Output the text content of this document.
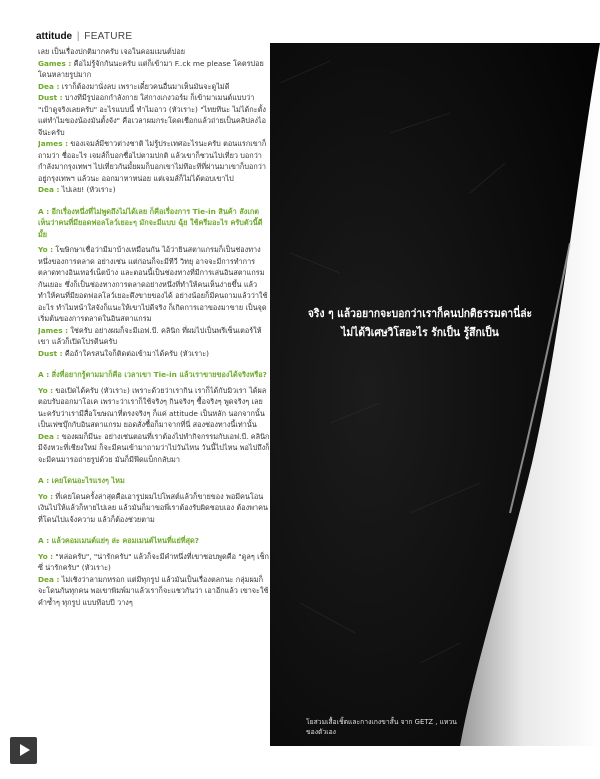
attitude | FEATURE

เลย เป็นเรื่องปกติมากครับ เจอในคอมเมนต์บ่อย

Games : คือไม่รู้จักกันนะครับ แต่ก็เข้ามา F..ck me please โคตรบ่อย โดนหลายรูปมาก

Dea : เราก็ต้องมานั่งลบ เพราะเดี๋ยวคนอื่นมาเห็นมันจะดูไม่ดี

Dust : บางทีมีรูปออกกำลังกาย ใส่กางเกงวอร์ม ก็เข้ามาเมนต์แบบว่า "เป้าดูจริงเลยครับ" อะไรแบบนี้ ทำไมอาว (หัวเราะ) "ไทยทีนะ ไม่ได้กะตั้ง แต่ทำไมของน้องมันตั้งจัง" คือเวลาผมกระโดดเชือกแล้วถ่ายเป็นคลิปลงไอจีน่ะครับ

James : ของเจมส์มีชาวต่างชาติ ไม่รู้ประเทศอะไรนะครับ ตอนแรกเขาก็ถามว่า ชื่ออะไร เจมส์ก็บอกชื่อไปตามปกติ แล้วเขาก็ชวนไปเที่ยว บอกว่ากำลังมากรุงเทพฯ ไปเที่ยวกันมั้ยผมก็บอกเขาไม่ทีอะทีที่ผ่านมาเขาก็บอกว่าอยู่กรุงเทพฯ แล้วนะ ออกมาหาหน่อย แต่เจมส์ก็ไม่ได้ตอบเขาไป

Dea : ไปเลย! (หัวเราะ)

A : อีกเรื่องหนึ่งที่ไม่พูดถึงไม่ได้เลย ก็คือเรื่องการ Tie-in สินค้า สังเกตเห็นว่าคนที่มียอดฟอลโลว์เยอะๆ มักจะมีแบบ ฉุ้ย ใช้ครีมอะไร ครับตัวนี้ดีมั้ย

Yo : โฆษิกษาเชื่อว่ามีมาบ้างเหมือนกัน ไอ้ว่ายินสตาแกรมก็เป็นช่องทางหนึ่งของการตลาด อย่างเช่น แต่ก่อนก็จะมีทีวี วิทยุ อาจจะมีการทำการตลาดทางอินเทอร์เน็ตบ้าง และตอนนี้เป็นช่องทางที่มีการเล่นอินสตาแกรมกันเยอะ ซึ่งก็เป็นช่องทางการตลาดอย่างหนึ่งที่ทำให้คนเห็นง่ายขึ้น แล้วทำให้คนที่มียอดฟอลโลว์เยอะดึงขายของได้ อย่างน้อยก็มีคนถามแล้วว่าใช้อะไร ทำไมหน้าใสจังก็แนะให้เขาไปดีจริง ก็เกิดการเอาของมาขาย เป็นจุดเริ่มต้นของการตลาดในอินสตาแกรม

James : ใช่ครับ อย่างผมก็จะมีเอฟ.บี. คลินิก ที่ผมไปเป็นพรีเซ็นเตอร์ให้เขา แล้วก็เปิดโปรตีนครับ

Dust : คือถ้าใครสนใจก็ติดต่อเข้ามาได้ครับ (หัวเราะ)

A : สิ่งที่อยากรู้ตามมาก็คือ เวลาเขา Tie-in แล้วเราขายของได้จริงหรือ?

Yo : ขอเปิดได้ครับ (หัวเราะ) เพราะด้วยว่าเรากิน เราก็ได้กับมิวเรา ได้ผลตอบรับออกมาโอเค เพราะว่าเราก็ใช้จริงๆ กินจริงๆ ซื้อจริงๆ พูดจริงๆ เลยนะครับว่าเรามีสื่อโฆษณาที่ตรงจริงๆ ก็แค่ attitude เป็นหลัก นอกจากนั้นเป็นเฟซบุ๊กกับอินสตาแกรม ยอดสั่งซื้อก็มาจากที่นี่ สองช่องทางนี้เท่านั้น

Dea : ของผมก็มีนะ อย่างเช่นตอนที่เราต้องไปทำกิจกรรมกับเอฟ.บี. คลินิก มีจังหวะที่เชียงใหม่ ก็จะมีคนเข้ามาถามว่าไปวันไหน วันนี้ไปไหน พอไปถึงก็จะมีคนมารอถ่ายรูปด้วย มันก็มีฟีดแบ็กกลับมา

A : เคยโดนอะไรแรงๆ ไหม

Yo : ที่เคยโดนครั้งล่าสุดคือเอารูปผมไปโพสต์แล้วก็ขายของ พอมีคนโอนเงินไปให้แล้วก็หายไปเลย แล้วมันก็มาขอพี่เราต้องรับผิดชอบเอง ต้องพาคนที่โดนไปแจ้งความ แล้วก็ต้องช่วยตาม

A : แล้วคอมเมนต์แย่ๆ ล่ะ คอมเมนต์ไหนที่แย่ที่สุด?

Yo : "หล่อครับ", "น่ารักครับ" แล้วก็จะมีคำหนึ่งที่เขาชอบพูดคือ "ดูลๆ เช็กซี่ น่ารักครับ" (หัวเราะ)

Dea : ไม่เชิงว่าลามกหรอก แต่มีทุกรูป แล้วมันเป็นเรื่องตลกนะ กลุ่มผมก็จะโดนกันทุกคน พอเขาพิมพ์มาแล้วเราก็จะแชวกันว่า เอาอีกแล้ว เขาจะใช้คำซ้ำๆ ทุกรูป แบบทีอบปี วางๆ

จริง ๆ แล้วอยากจะบอกว่าเราก็คนปกติธรรมดานี่ล่ะ ไม่ได้วิเศษวิโสอะไร รักเป็น รู้สึกเป็น
โยสวมเสื้อเชิ้ตและกางเกงขาสั้น จาก GETZ , แหวนของตัวเอง
